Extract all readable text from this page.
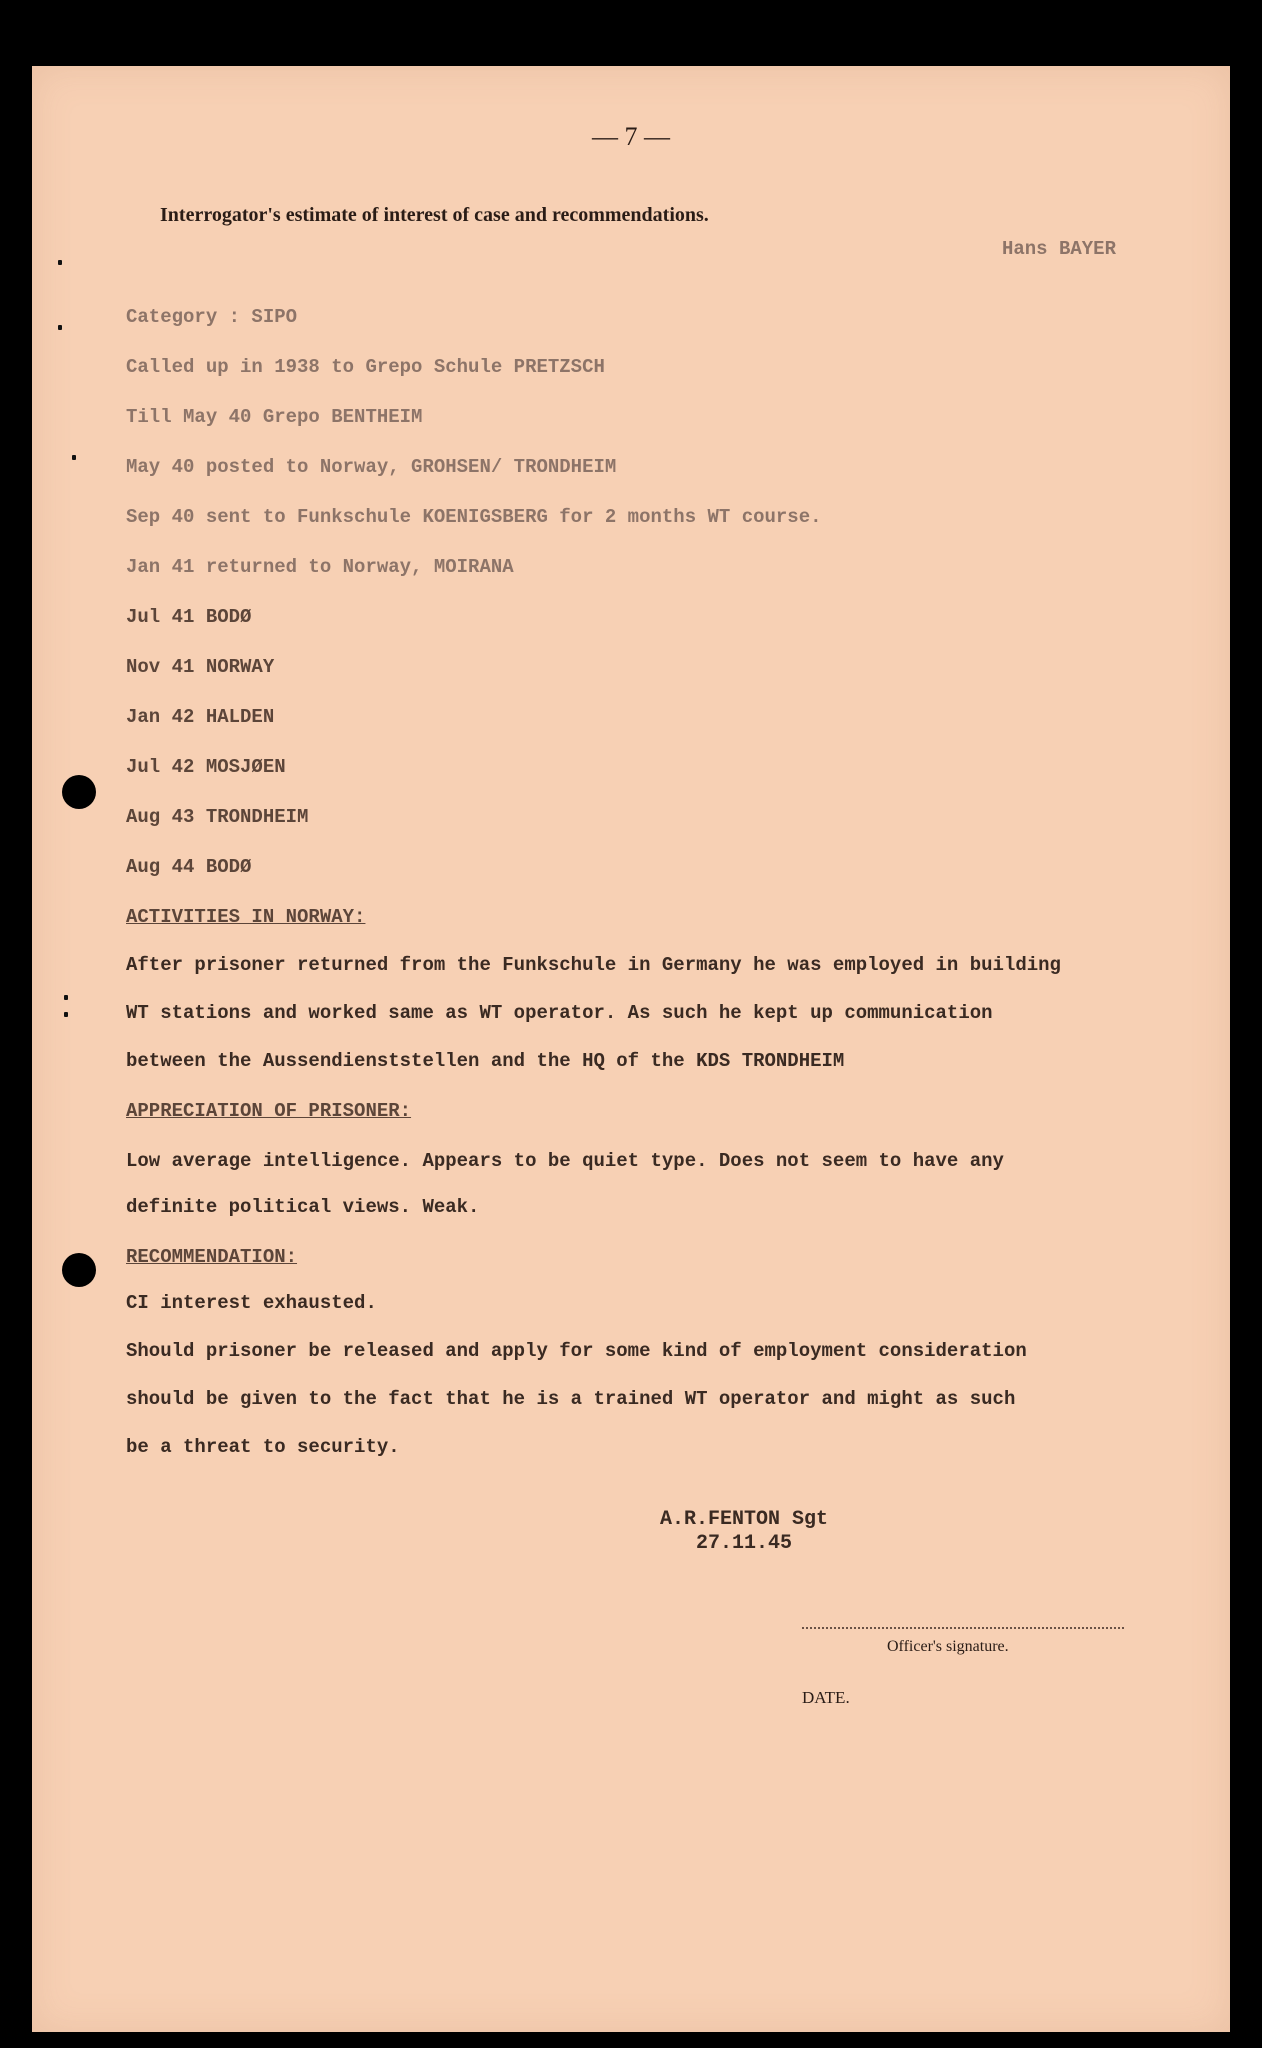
— 7 —
Interrogator's estimate of interest of case and recommendations.
Hans BAYER
Category : SIPO
Called up in 1938 to Grepo Schule PRETZSCH
Till May 40 Grepo BENTHEIM
May 40 posted to Norway, GROHSEN/ TRONDHEIM
Sep 40 sent to Funkschule KOENIGSBERG for 2 months WT course.
Jan 41 returned to Norway, MOIRANA
Jul 41 BODØ
Nov 41 NORWAY
Jan 42 HALDEN
Jul 42 MOSJØEN
Aug 43 TRONDHEIM
Aug 44 BODØ
ACTIVITIES IN NORWAY:
After prisoner returned from the Funkschule in Germany he was employed in building
WT stations and worked same as WT operator. As such he kept up communication
between the Aussendienststellen and the HQ of the KDS TRONDHEIM
APPRECIATION OF PRISONER:
Low average intelligence. Appears to be quiet type. Does not seem to have any
definite political views. Weak.
RECOMMENDATION:
CI interest exhausted.
Should prisoner be released and apply for some kind of employment consideration
should be given to the fact that he is a trained WT operator and might as such
be a threat to security.
A.R.FENTON Sgt
27.11.45
Officer's signature.
DATE.
